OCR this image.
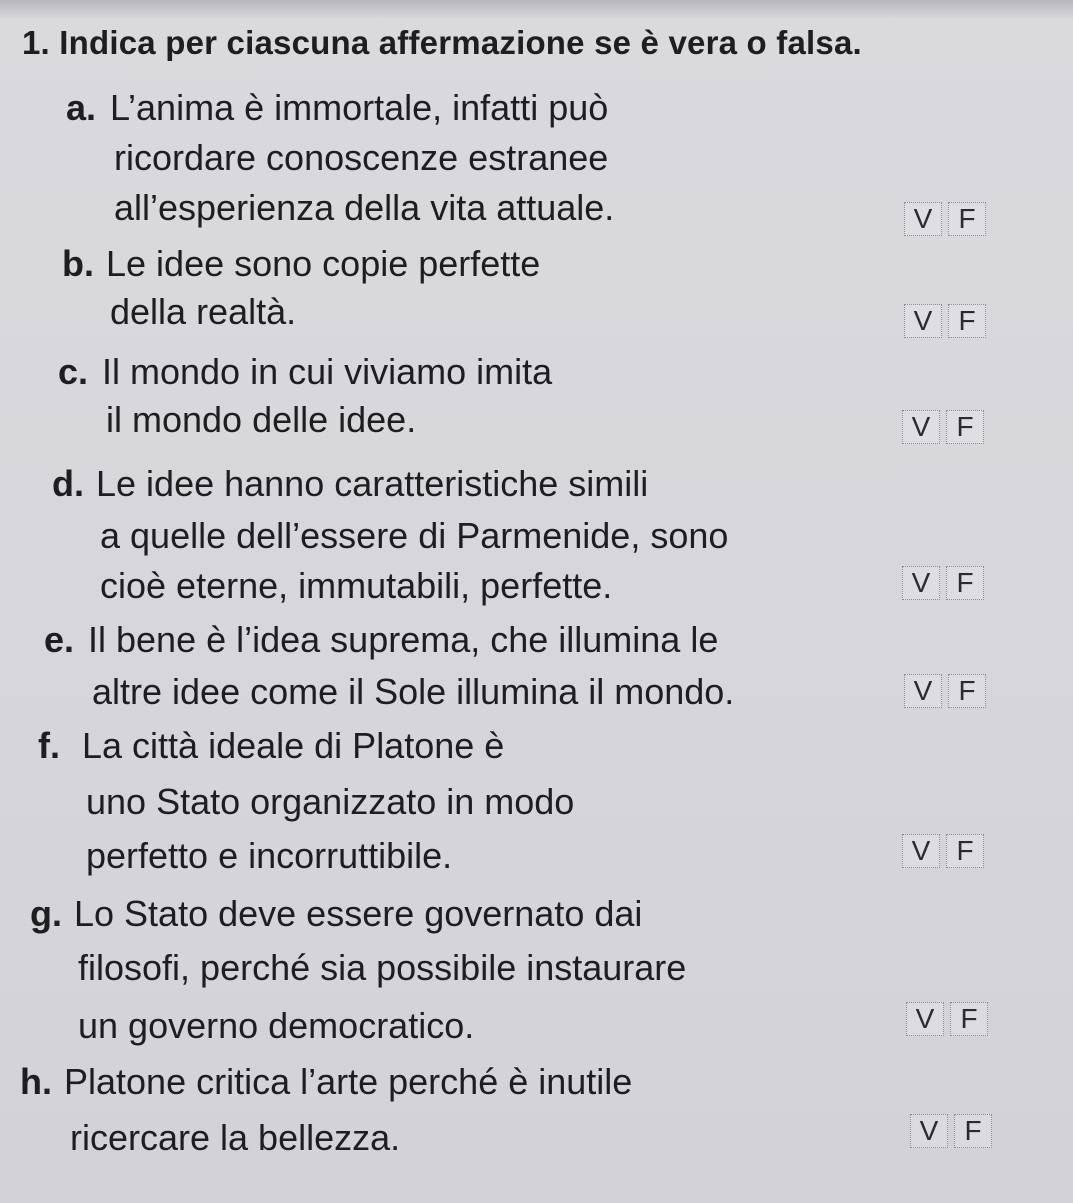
1. Indica per ciascuna affermazione se è vera o falsa.
a. L’anima è immortale, infatti può
ricordare conoscenze estranee
all’esperienza della vita attuale.	V F
b. Le idee sono copie perfette
della realtà.	V F
c. Il mondo in cui viviamo imita
il mondo delle idee.	V F
d. Le idee hanno caratteristiche simili
a quelle dell’essere di Parmenide, sono
cioè eterne, immutabili, perfette.	V F
e. Il bene è l’idea suprema, che illumina le
altre idee come il Sole illumina il mondo.	V F
f. La città ideale di Platone è
uno Stato organizzato in modo
perfetto e incorruttibile.	V F
g. Lo Stato deve essere governato dai
filosofi, perché sia possibile instaurare
un governo democratico.	V F
h. Platone critica l’arte perché è inutile
ricercare la bellezza.	V F
